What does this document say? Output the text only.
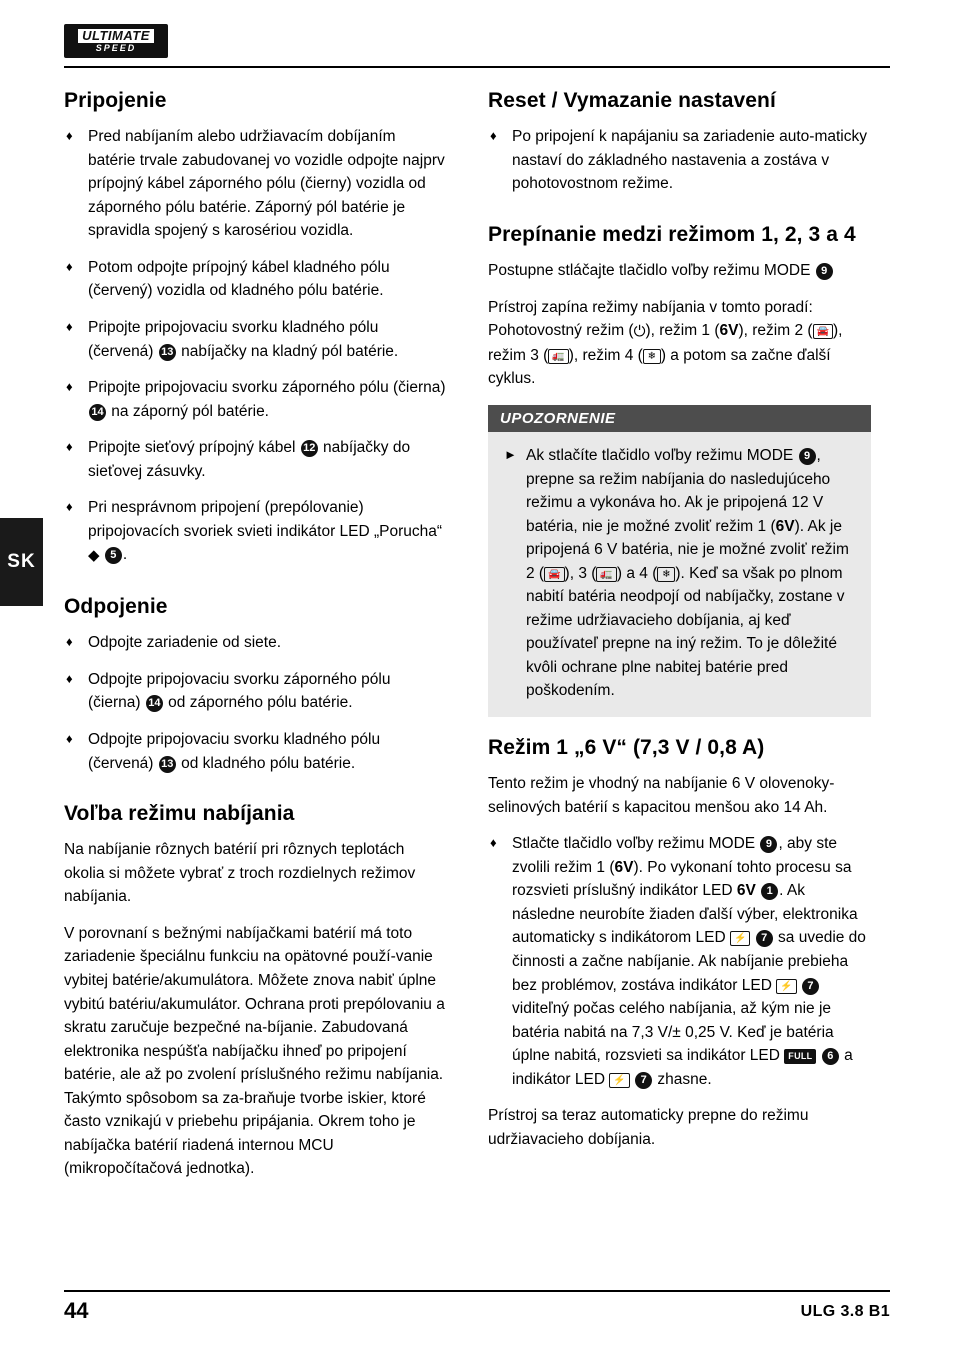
ULTIMATE
SPEED
SK
Pripojenie
♦ Pred nabíjaním alebo udržiavacím dobíjaním batérie trvale zabudovanej vo vozidle odpojte najprv prípojný kábel záporného pólu (čierny) vozidla od záporného pólu batérie. Záporný pól batérie je spravidla spojený s karosériou vozidla.
♦ Potom odpojte prípojný kábel kladného pólu (červený) vozidla od kladného pólu batérie.
♦ Pripojte pripojovaciu svorku kladného pólu (červená) 13 nabíjačky na kladný pól batérie.
♦ Pripojte pripojovaciu svorku záporného pólu (čierna) 14 na záporný pól batérie.
♦ Pripojte sieťový prípojný kábel 12 nabíjačky do sieťovej zásuvky.
♦ Pri nesprávnom pripojení (prepólovanie) pripojovacích svoriek svieti indikátor LED „Porucha“ ◆ 5 .
Odpojenie
♦ Odpojte zariadenie od siete.
♦ Odpojte pripojovaciu svorku záporného pólu (čierna) 14 od záporného pólu batérie.
♦ Odpojte pripojovaciu svorku kladného pólu (červená) 13 od kladného pólu batérie.
Voľba režimu nabíjania

Na nabíjanie rôznych batérií pri rôznych teplotách okolia si môžete vybrať z troch rozdielnych režimov nabíjania.

V porovnaní s bežnými nabíjačkami batérií má toto zariadenie špeciálnu funkciu na opätovné použí-vanie vybitej batérie/akumulátora. Môžete znova nabiť úplne vybitú batériu/akumulátor. Ochrana proti prepólovaniu a skratu zaručuje bezpečné na-bíjanie. Zabudovaná elektronika nespúšťa nabíjačku ihneď po pripojení batérie, ale až po zvolení príslušného režimu nabíjania. Takýmto spôsobom sa za-braňuje tvorbe iskier, ktoré často vznikajú v priebehu pripájania. Okrem toho je nabíjačka batérií riadená internou MCU (mikropočítačová jednotka).

Reset / Vymazanie nastavení
♦ Po pripojení k napájaniu sa zariadenie auto-maticky nastaví do základného nastavenia a zostáva v pohotovostnom režime.
Prepínanie medzi režimom 1, 2, 3 a 4

Postupne stláčajte tlačidlo voľby režimu MODE 9

Prístroj zapína režimy nabíjania v tomto poradí:
Pohotovostný režim (⏻), režim 1 (6V), režim 2 ( 🚘 ),
režim 3 ( 🚛 ), režim 4 ( ❄ ) a potom sa začne ďalší
cyklus.

UPOZORNENIE
► Ak stlačíte tlačidlo voľby režimu MODE 9 , prepne sa režim nabíjania do nasledujúceho režimu a vykonáva ho. Ak je pripojená 12 V batéria, nie je možné zvoliť režim 1 (6V). Ak je pripojená 6 V batéria, nie je možné zvoliť režim 2 ( 🚘 ), 3 ( 🚛 ) a 4 ( ❄ ). Keď sa však po plnom nabití batéria neodpojí od nabíjačky, zostane v režime udržiavacieho dobíjania, aj keď používateľ prepne na iný režim. To je dôležité kvôli ochrane plne nabitej batérie pred poškodením.
Režim 1 „6 V“ (7,3 V / 0,8 A)

Tento režim je vhodný na nabíjanie 6 V olovenoky-selinových batérií s kapacitou menšou ako 14 Ah.

♦ Stlačte tlačidlo voľby režimu MODE 9 , aby ste zvolili režim 1 (6V). Po vykonaní tohto procesu sa rozsvieti príslušný indikátor LED 6V 1 . Ak následne neurobíte žiaden ďalší výber, elektronika automaticky s indikátorom LED ⚡ 7 sa uvedie do činnosti a začne nabíjanie. Ak nabíjanie prebieha bez problémov, zostáva indikátor LED ⚡ 7 viditeľný počas celého nabíjania, až kým nie je batéria nabitá na 7,3 V/± 0,25 V. Keď je batéria úplne nabitá, rozsvieti sa indikátor LED FULL 6 a indikátor LED ⚡ 7 zhasne.

Prístroj sa teraz automaticky prepne do režimu udržiavacieho dobíjania.

44	ULG 3.8 B1
